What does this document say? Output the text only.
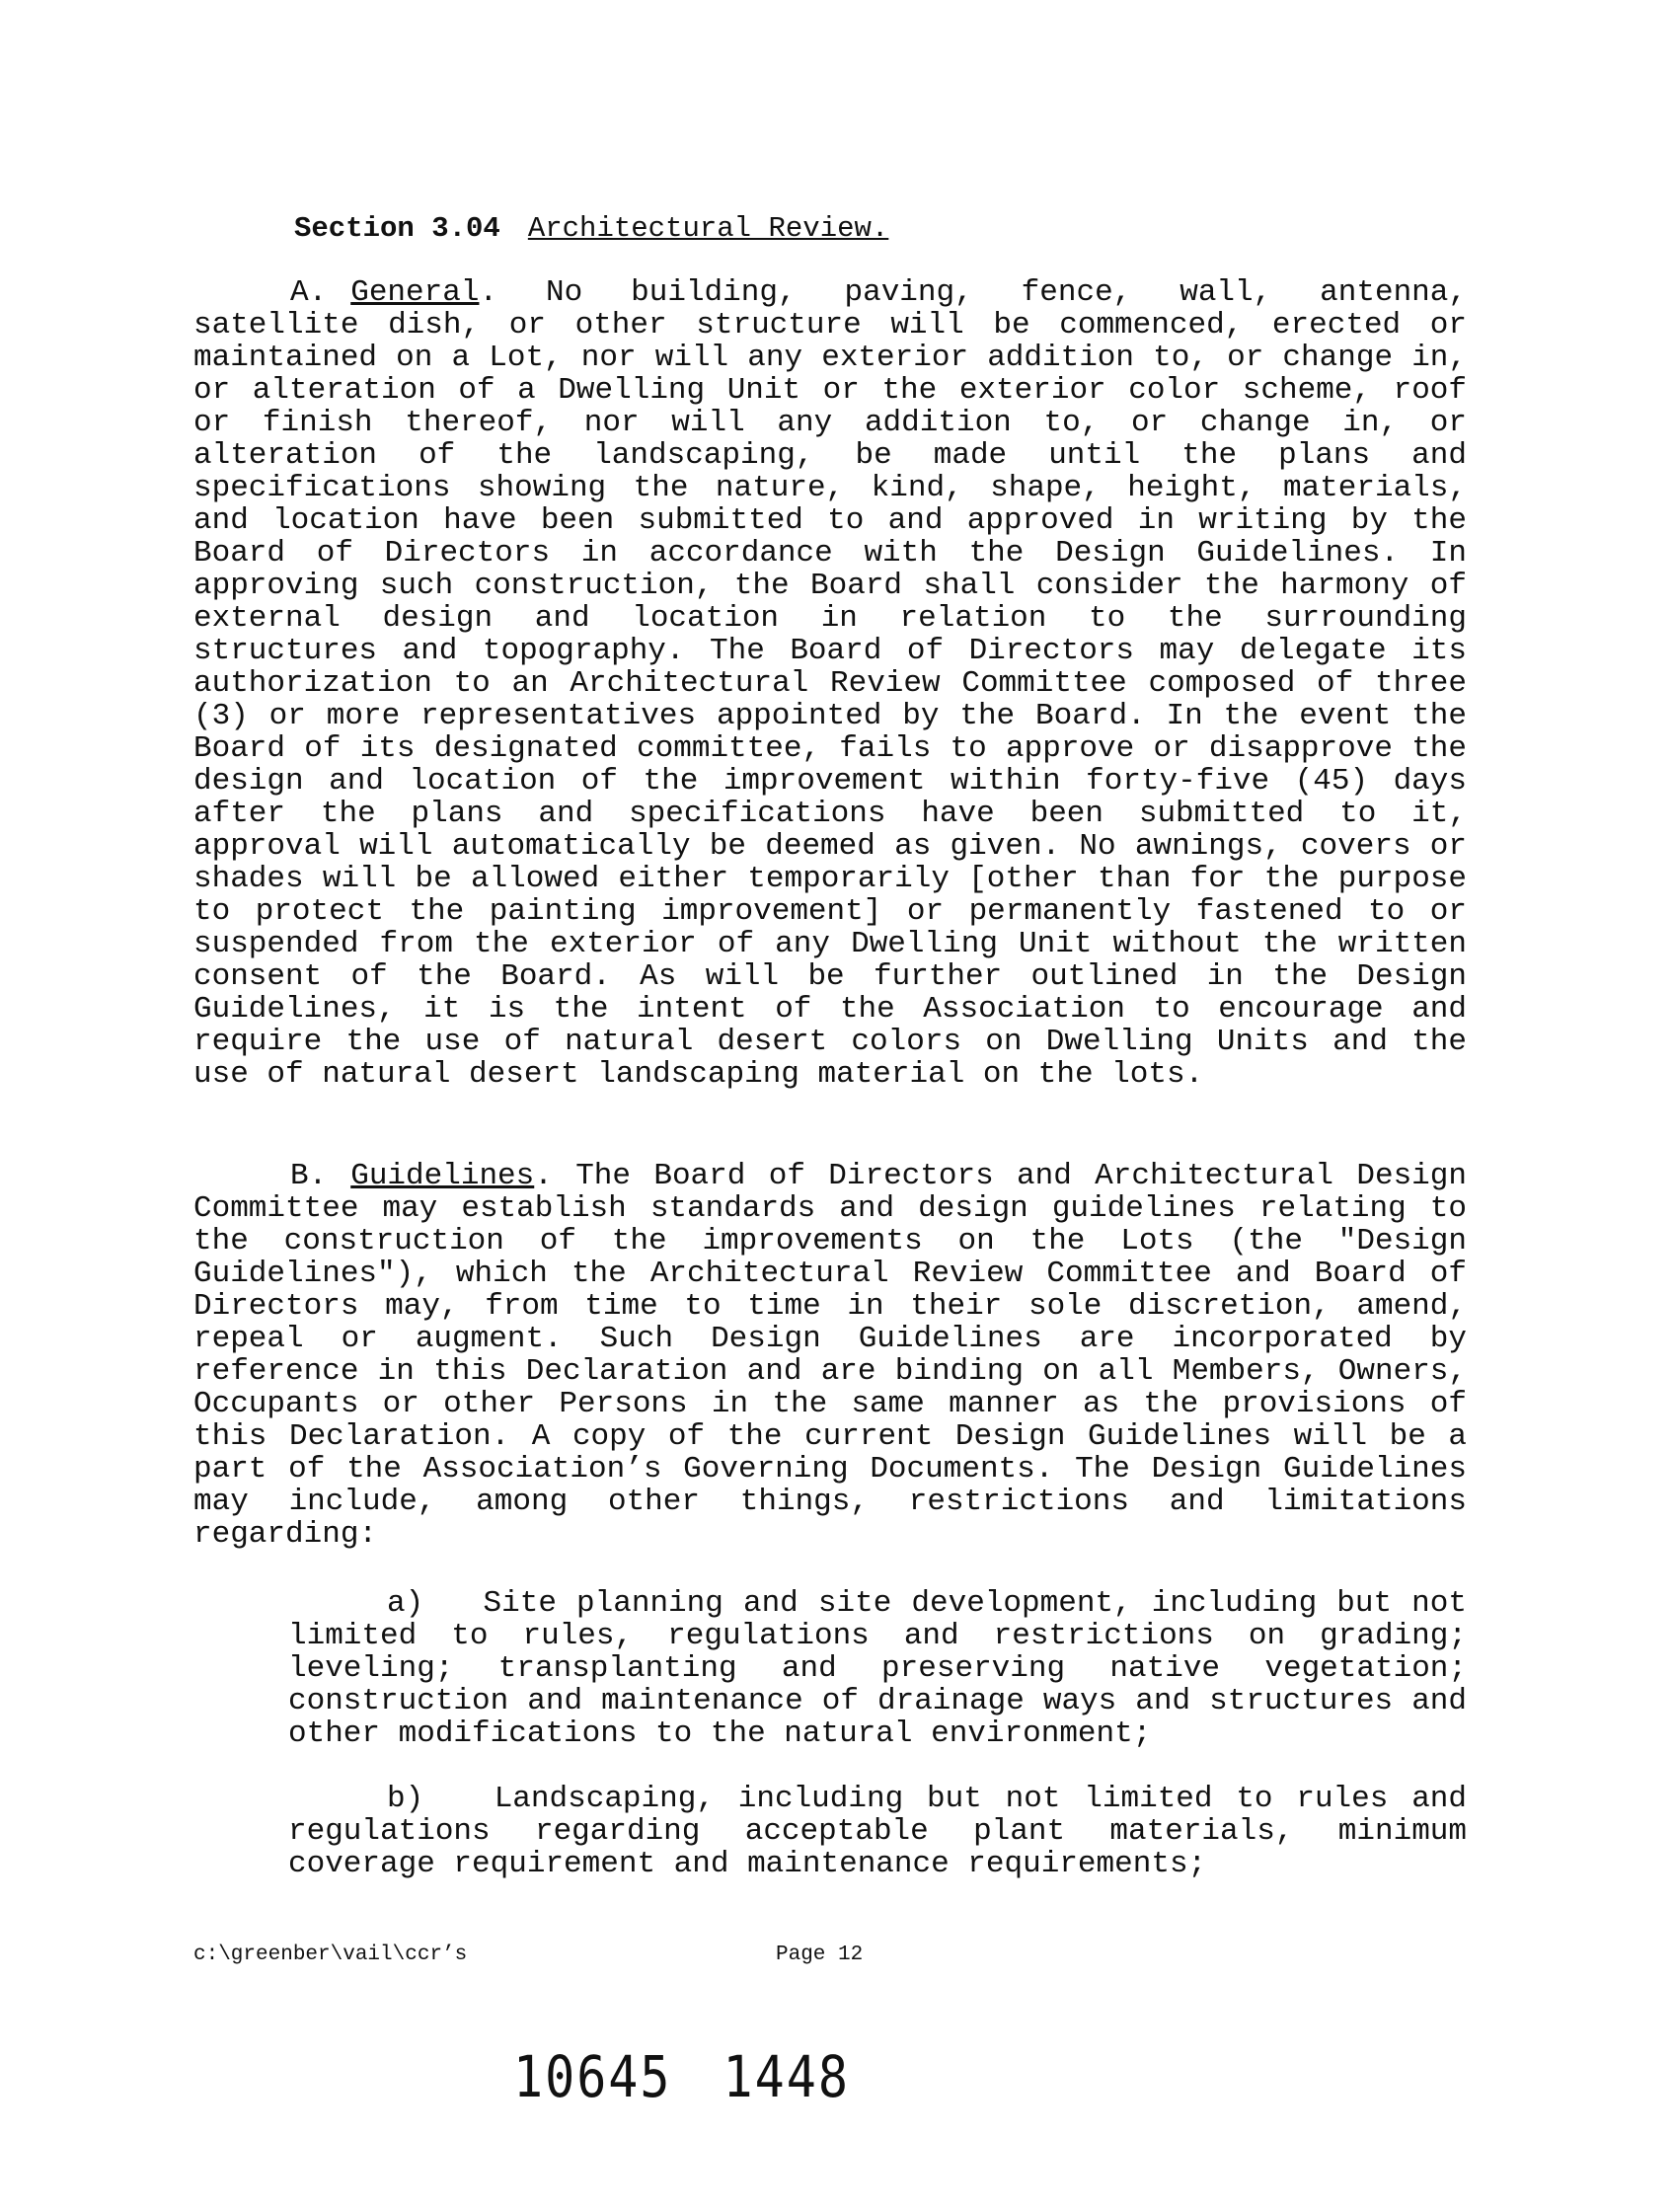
Section 3.04 Architectural Review.
A. General. No building, paving, fence, wall, antenna, satellite dish, or other structure will be commenced, erected or maintained on a Lot, nor will any exterior addition to, or change in, or alteration of a Dwelling Unit or the exterior color scheme, roof or finish thereof, nor will any addition to, or change in, or alteration of the landscaping, be made until the plans and specifications showing the nature, kind, shape, height, materials, and location have been submitted to and approved in writing by the Board of Directors in accordance with the Design Guidelines. In approving such construction, the Board shall consider the harmony of external design and location in relation to the surrounding structures and topography. The Board of Directors may delegate its authorization to an Architectural Review Committee composed of three (3) or more representatives appointed by the Board. In the event the Board of its designated committee, fails to approve or disapprove the design and location of the improvement within forty-five (45) days after the plans and specifications have been submitted to it, approval will automatically be deemed as given. No awnings, covers or shades will be allowed either temporarily [other than for the purpose to protect the painting improvement] or permanently fastened to or suspended from the exterior of any Dwelling Unit without the written consent of the Board. As will be further outlined in the Design Guidelines, it is the intent of the Association to encourage and require the use of natural desert colors on Dwelling Units and the use of natural desert landscaping material on the lots.
B. Guidelines. The Board of Directors and Architectural Design Committee may establish standards and design guidelines relating to the construction of the improvements on the Lots (the "Design Guidelines"), which the Architectural Review Committee and Board of Directors may, from time to time in their sole discretion, amend, repeal or augment. Such Design Guidelines are incorporated by reference in this Declaration and are binding on all Members, Owners, Occupants or other Persons in the same manner as the provisions of this Declaration. A copy of the current Design Guidelines will be a part of the Association’s Governing Documents. The Design Guidelines may include, among other things, restrictions and limitations regarding:
a) Site planning and site development, including but not limited to rules, regulations and restrictions on grading; leveling; transplanting and preserving native vegetation; construction and maintenance of drainage ways and structures and other modifications to the natural environment;
b) Landscaping, including but not limited to rules and regulations regarding acceptable plant materials, minimum coverage requirement and maintenance requirements;
c:\greenber\vail\ccr’s	Page 12
10645 1448
